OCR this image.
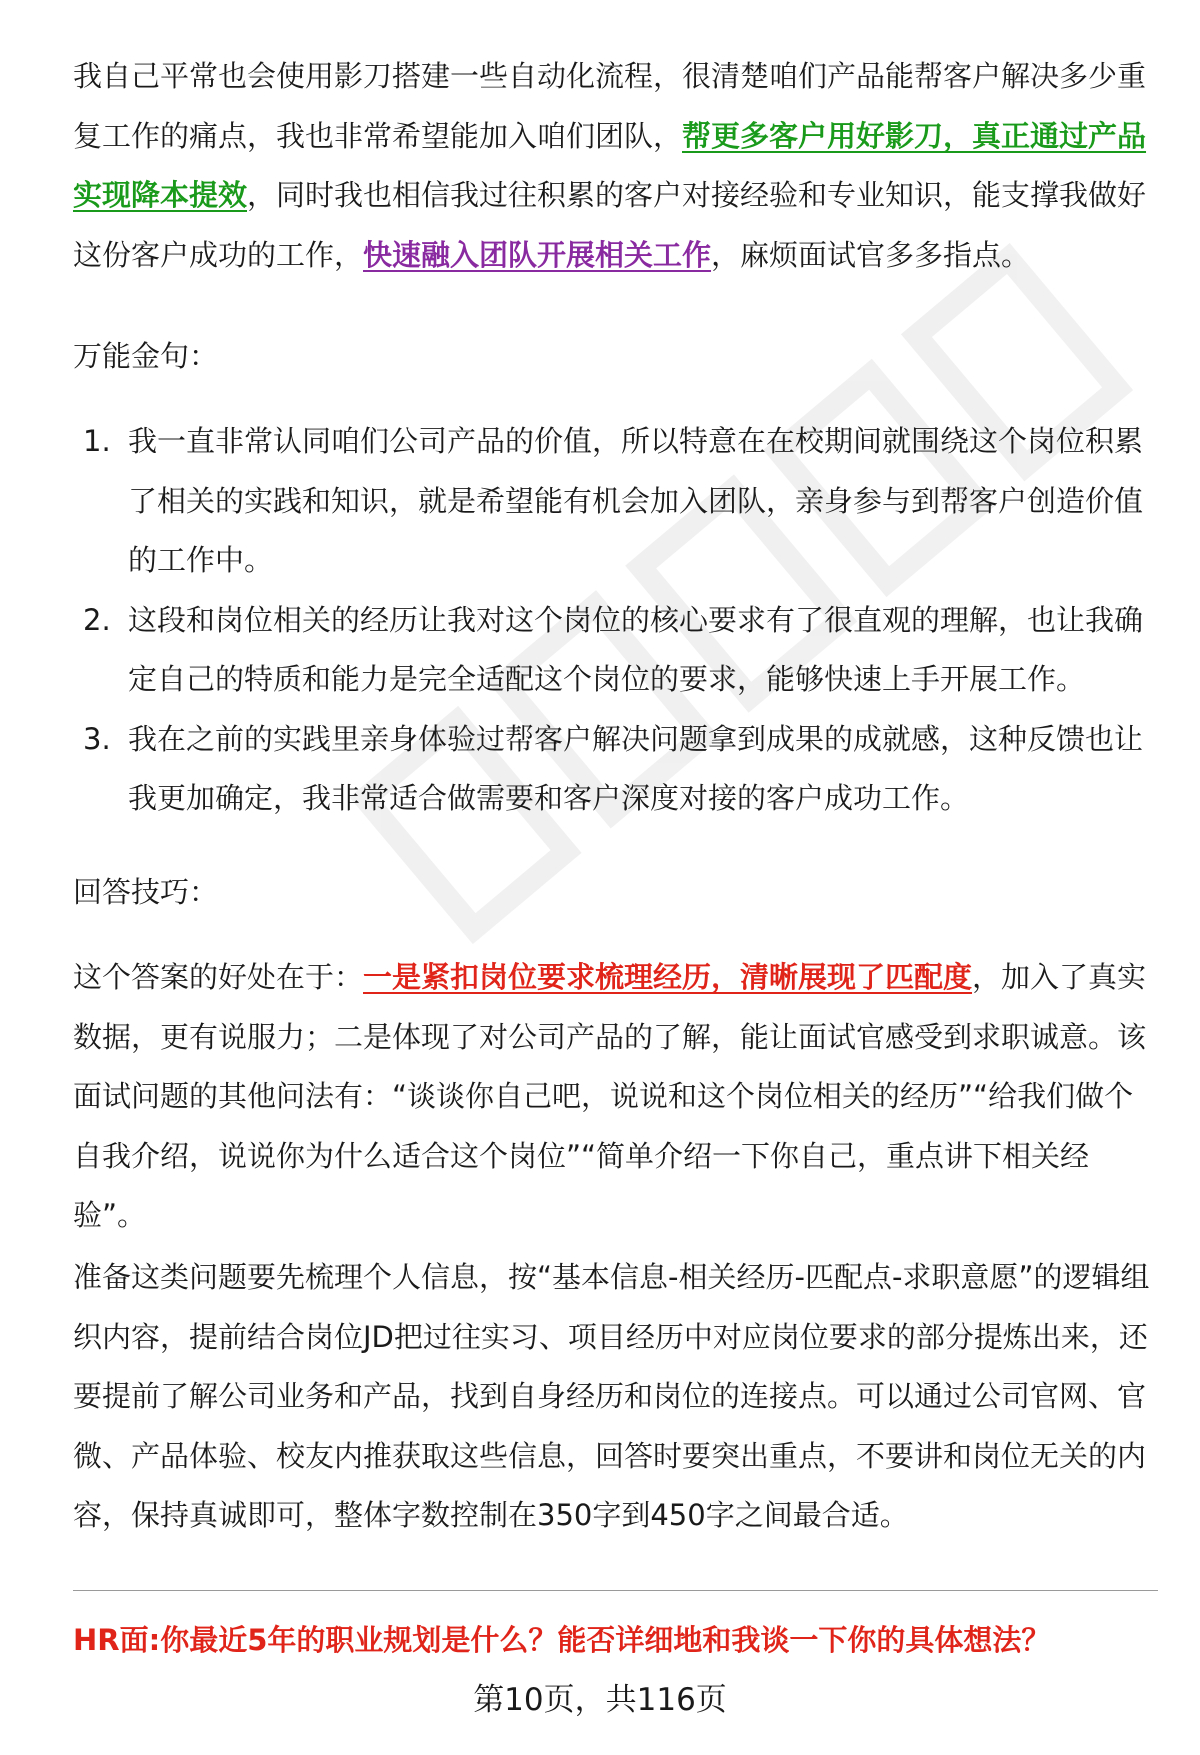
我自己平常也会使用影刀搭建一些自动化流程，很清楚咱们产品能帮客户解决多少重复工作的痛点，我也非常希望能加入咱们团队，帮更多客户用好影刀，真正通过产品实现降本提效，同时我也相信我过往积累的客户对接经验和专业知识，能支撑我做好这份客户成功的工作，快速融入团队开展相关工作，麻烦面试官多多指点。

万能金句：

1. 我一直非常认同咱们公司产品的价值，所以特意在在校期间就围绕这个岗位积累了相关的实践和知识，就是希望能有机会加入团队，亲身参与到帮客户创造价值的工作中。
2. 这段和岗位相关的经历让我对这个岗位的核心要求有了很直观的理解，也让我确定自己的特质和能力是完全适配这个岗位的要求，能够快速上手开展工作。
3. 我在之前的实践里亲身体验过帮客户解决问题拿到成果的成就感，这种反馈也让我更加确定，我非常适合做需要和客户深度对接的客户成功工作。

回答技巧：

这个答案的好处在于：一是紧扣岗位要求梳理经历，清晰展现了匹配度，加入了真实数据，更有说服力；二是体现了对公司产品的了解，能让面试官感受到求职诚意。该面试问题的其他问法有：“谈谈你自己吧，说说和这个岗位相关的经历”“给我们做个自我介绍，说说你为什么适合这个岗位”“简单介绍一下你自己，重点讲下相关经验”。

准备这类问题要先梳理个人信息，按“基本信息-相关经历-匹配点-求职意愿”的逻辑组织内容，提前结合岗位JD把过往实习、项目经历中对应岗位要求的部分提炼出来，还要提前了解公司业务和产品，找到自身经历和岗位的连接点。可以通过公司官网、官微、产品体验、校友内推获取这些信息，回答时要突出重点，不要讲和岗位无关的内容，保持真诚即可，整体字数控制在350字到450字之间最合适。

HR面:你最近5年的职业规划是什么？能否详细地和我谈一下你的具体想法？

第10页，共116页
